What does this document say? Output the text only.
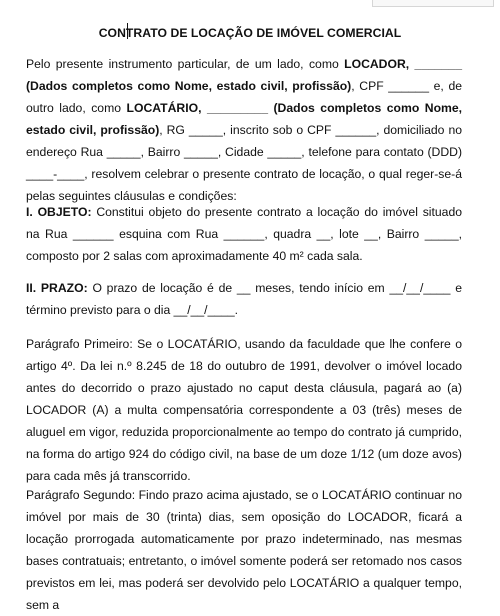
CONTRATO DE LOCAÇÃO DE IMÓVEL COMERCIAL
Pelo presente instrumento particular, de um lado, como LOCADOR, _______ (Dados completos como Nome, estado civil, profissão), CPF ______ e, de outro lado, como LOCATÁRIO, _________ (Dados completos como Nome, estado civil, profissão), RG _____, inscrito sob o CPF ______, domiciliado no endereço Rua _____, Bairro _____, Cidade _____, telefone para contato (DDD) ____-____, resolvem celebrar o presente contrato de locação, o qual reger-se-á pelas seguintes cláusulas e condições:
I. OBJETO: Constitui objeto do presente contrato a locação do imóvel situado na Rua ______ esquina com Rua ______, quadra __, lote __, Bairro _____, composto por 2 salas com aproximadamente 40 m² cada sala.
II. PRAZO: O prazo de locação é de __ meses, tendo início em __/__/____ e término previsto para o dia __/__/____.
Parágrafo Primeiro: Se o LOCATÁRIO, usando da faculdade que lhe confere o artigo 4º. Da lei n.º 8.245 de 18 do outubro de 1991, devolver o imóvel locado antes do decorrido o prazo ajustado no caput desta cláusula, pagará ao (a) LOCADOR (A) a multa compensatória correspondente a 03 (três) meses de aluguel em vigor, reduzida proporcionalmente ao tempo do contrato já cumprido, na forma do artigo 924 do código civil, na base de um doze 1/12 (um doze avos) para cada mês já transcorrido.
Parágrafo Segundo: Findo prazo acima ajustado, se o LOCATÁRIO continuar no imóvel por mais de 30 (trinta) dias, sem oposição do LOCADOR, ficará a locação prorrogada automaticamente por prazo indeterminado, nas mesmas bases contratuais; entretanto, o imóvel somente poderá ser retomado nos casos previstos em lei, mas poderá ser devolvido pelo LOCATÁRIO a qualquer tempo, sem a
